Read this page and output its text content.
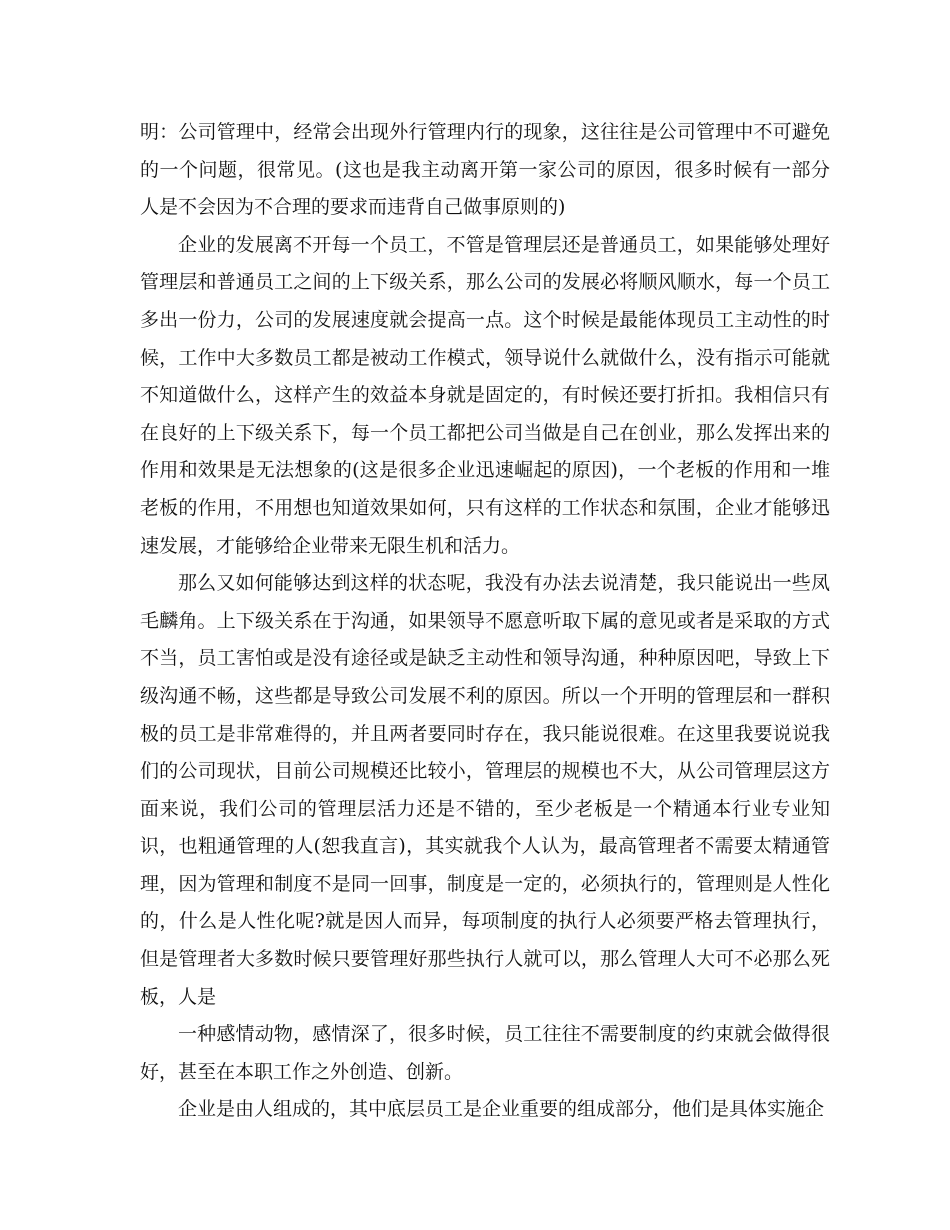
明：公司管理中，经常会出现外行管理内行的现象，这往往是公司管理中不可避免的一个问题，很常见。(这也是我主动离开第一家公司的原因，很多时候有一部分人是不会因为不合理的要求而违背自己做事原则的)

企业的发展离不开每一个员工，不管是管理层还是普通员工，如果能够处理好管理层和普通员工之间的上下级关系，那么公司的发展必将顺风顺水，每一个员工多出一份力，公司的发展速度就会提高一点。这个时候是最能体现员工主动性的时候，工作中大多数员工都是被动工作模式，领导说什么就做什么，没有指示可能就不知道做什么，这样产生的效益本身就是固定的，有时候还要打折扣。我相信只有在良好的上下级关系下，每一个员工都把公司当做是自己在创业，那么发挥出来的作用和效果是无法想象的(这是很多企业迅速崛起的原因)，一个老板的作用和一堆老板的作用，不用想也知道效果如何，只有这样的工作状态和氛围，企业才能够迅速发展，才能够给企业带来无限生机和活力。

那么又如何能够达到这样的状态呢，我没有办法去说清楚，我只能说出一些凤毛麟角。上下级关系在于沟通，如果领导不愿意听取下属的意见或者是采取的方式不当，员工害怕或是没有途径或是缺乏主动性和领导沟通，种种原因吧，导致上下级沟通不畅，这些都是导致公司发展不利的原因。所以一个开明的管理层和一群积极的员工是非常难得的，并且两者要同时存在，我只能说很难。在这里我要说说我们的公司现状，目前公司规模还比较小，管理层的规模也不大，从公司管理层这方面来说，我们公司的管理层活力还是不错的，至少老板是一个精通本行业专业知识，也粗通管理的人(恕我直言)，其实就我个人认为，最高管理者不需要太精通管理，因为管理和制度不是同一回事，制度是一定的，必须执行的，管理则是人性化的，什么是人性化呢?就是因人而异，每项制度的执行人必须要严格去管理执行，但是管理者大多数时候只要管理好那些执行人就可以，那么管理人大可不必那么死板，人是

一种感情动物，感情深了，很多时候，员工往往不需要制度的约束就会做得很好，甚至在本职工作之外创造、创新。

企业是由人组成的，其中底层员工是企业重要的组成部分，他们是具体实施企
